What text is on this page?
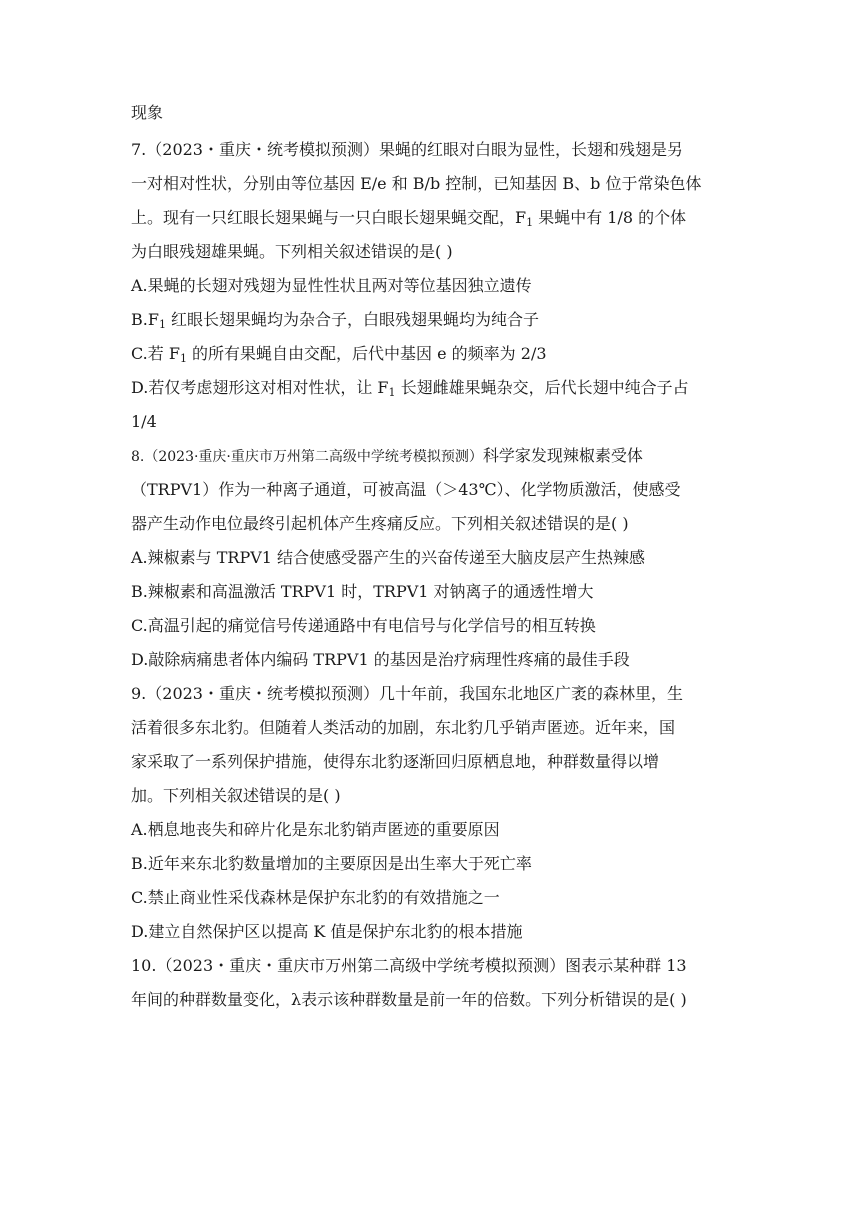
现象
7.（2023・重庆・统考模拟预测）果蝇的红眼对白眼为显性，长翅和残翅是另
一对相对性状，分别由等位基因 E/e 和 B/b 控制，已知基因 B、b 位于常染色体
上。现有一只红眼长翅果蝇与一只白眼长翅果蝇交配，$F_1$ 果蝇中有 1/8 的个体
为白眼残翅雄果蝇。下列相关叙述错误的是( )
A.果蝇的长翅对残翅为显性性状且两对等位基因独立遗传
$B.F_1$ 红眼长翅果蝇均为杂合子，白眼残翅果蝇均为纯合子
C.若 $F_1$ 的所有果蝇自由交配，后代中基因 e 的频率为 2/3
D.若仅考虑翅形这对相对性状，让 $F_1$ 长翅雌雄果蝇杂交，后代长翅中纯合子占
1/4
8.（2023·重庆·重庆市万州第二高级中学统考模拟预测）科学家发现辣椒素受体
（TRPV1）作为一种离子通道，可被高温（＞43℃）、化学物质激活，使感受
器产生动作电位最终引起机体产生疼痛反应。下列相关叙述错误的是( )
A.辣椒素与 TRPV1 结合使感受器产生的兴奋传递至大脑皮层产生热辣感
B.辣椒素和高温激活 TRPV1 时，TRPV1 对钠离子的通透性增大
C.高温引起的痛觉信号传递通路中有电信号与化学信号的相互转换
D.敲除病痛患者体内编码 TRPV1 的基因是治疗病理性疼痛的最佳手段
9.（2023・重庆・统考模拟预测）几十年前，我国东北地区广袤的森林里，生
活着很多东北豹。但随着人类活动的加剧，东北豹几乎销声匿迹。近年来，国
家采取了一系列保护措施，使得东北豹逐渐回归原栖息地，种群数量得以增
加。下列相关叙述错误的是( )
A.栖息地丧失和碎片化是东北豹销声匿迹的重要原因
B.近年来东北豹数量增加的主要原因是出生率大于死亡率
C.禁止商业性采伐森林是保护东北豹的有效措施之一
D.建立自然保护区以提高 K 值是保护东北豹的根本措施
10.（2023・重庆・重庆市万州第二高级中学统考模拟预测）图表示某种群 13
年间的种群数量变化，λ表示该种群数量是前一年的倍数。下列分析错误的是( )
